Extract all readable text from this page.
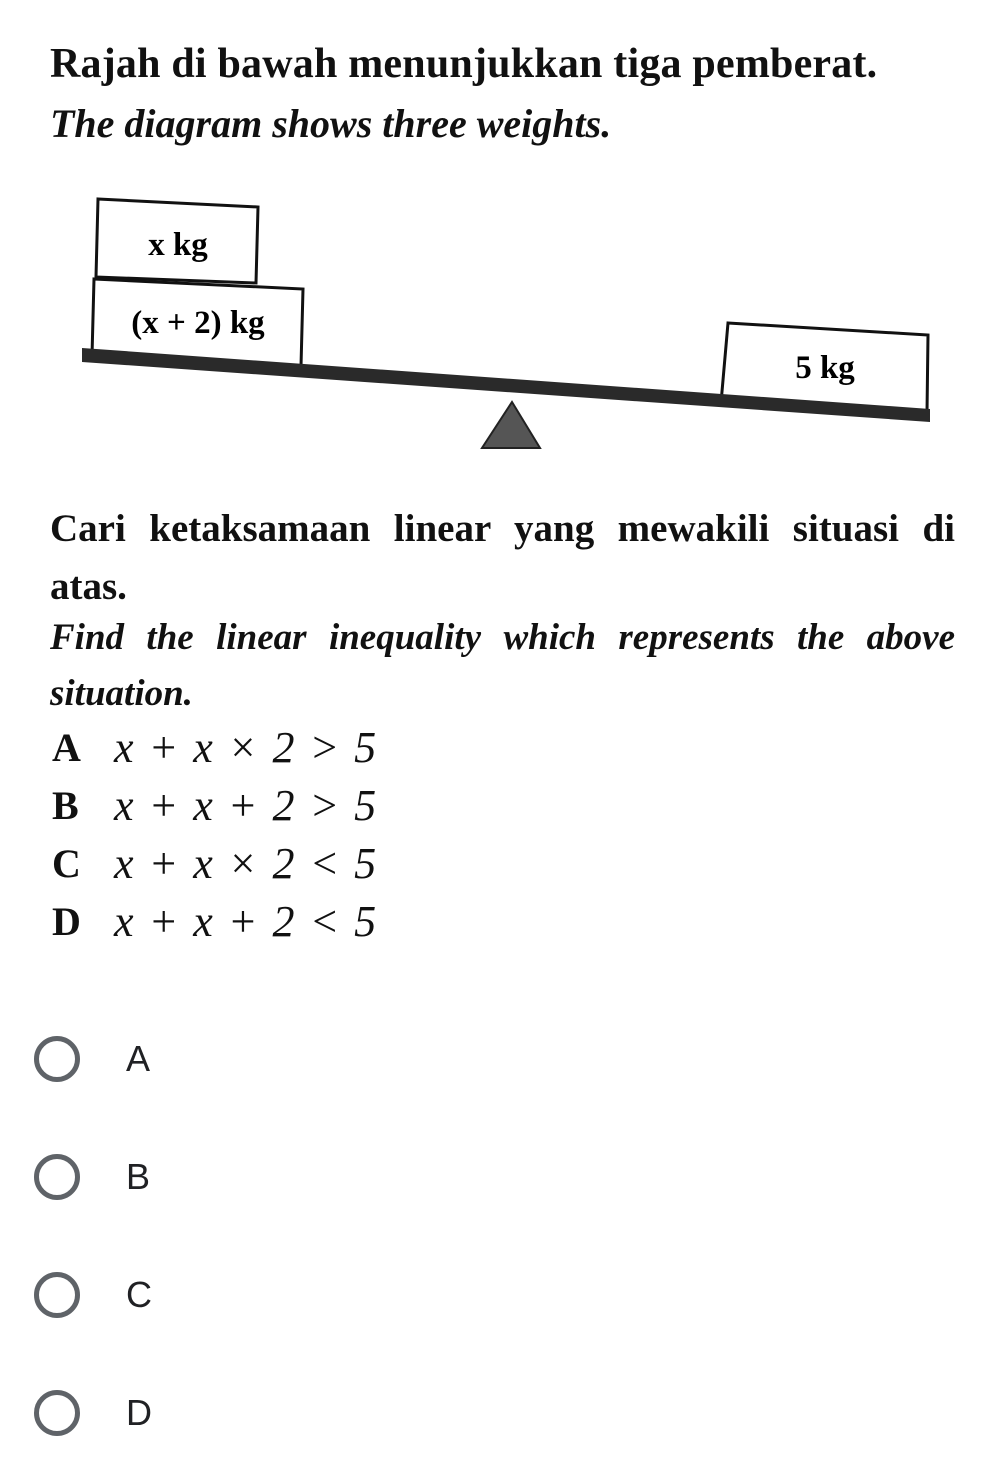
Rajah di bawah menunjukkan tiga pemberat.
The diagram shows three weights.
x kg
(x + 2) kg
5 kg
Cari ketaksamaan linear yang mewakili situasi di atas.
Find the linear inequality which represents the above situation.
A x + x × 2 > 5
B x + x + 2 > 5
C x + x × 2 < 5
D x + x + 2 < 5
A
B
C
D
